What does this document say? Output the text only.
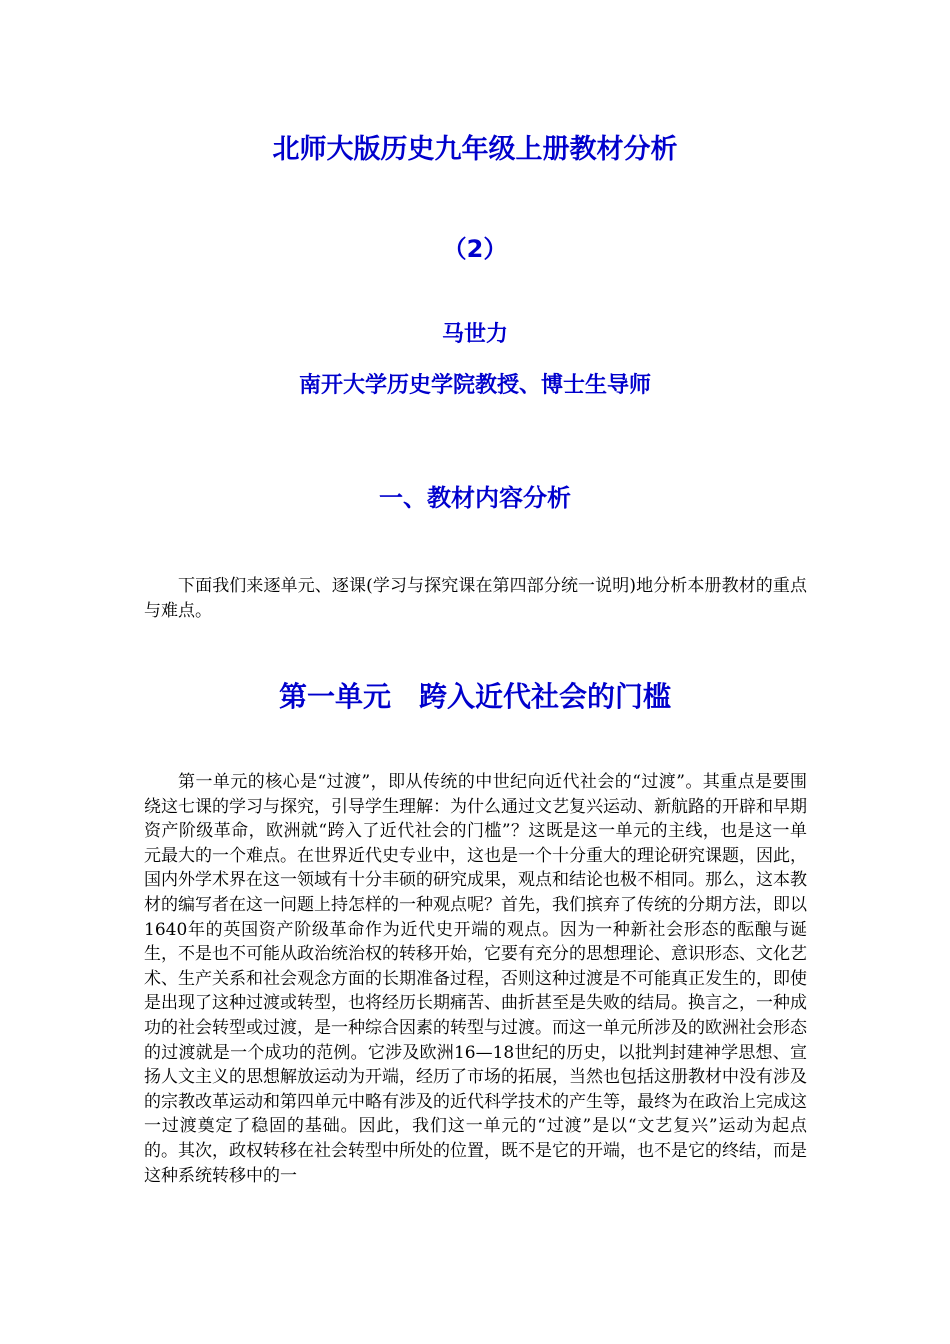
北师大版历史九年级上册教材分析
（2）
马世力
南开大学历史学院教授、博士生导师
一、教材内容分析

下面我们来逐单元、逐课(学习与探究课在第四部分统一说明)地分析本册教材的重点与难点。

第一单元　跨入近代社会的门槛

第一单元的核心是“过渡”，即从传统的中世纪向近代社会的“过渡”。其重点是要围绕这七课的学习与探究，引导学生理解：为什么通过文艺复兴运动、新航路的开辟和早期资产阶级革命，欧洲就“跨入了近代社会的门槛”？这既是这一单元的主线，也是这一单元最大的一个难点。在世界近代史专业中，这也是一个十分重大的理论研究课题，因此，国内外学术界在这一领域有十分丰硕的研究成果，观点和结论也极不相同。那么，这本教材的编写者在这一问题上持怎样的一种观点呢？首先，我们摈弃了传统的分期方法，即以1640年的英国资产阶级革命作为近代史开端的观点。因为一种新社会形态的酝酿与诞生，不是也不可能从政治统治权的转移开始，它要有充分的思想理论、意识形态、文化艺术、生产关系和社会观念方面的长期准备过程，否则这种过渡是不可能真正发生的，即使是出现了这种过渡或转型，也将经历长期痛苦、曲折甚至是失败的结局。换言之，一种成功的社会转型或过渡，是一种综合因素的转型与过渡。而这一单元所涉及的欧洲社会形态的过渡就是一个成功的范例。它涉及欧洲16—18世纪的历史，以批判封建神学思想、宣扬人文主义的思想解放运动为开端，经历了市场的拓展，当然也包括这册教材中没有涉及的宗教改革运动和第四单元中略有涉及的近代科学技术的产生等，最终为在政治上完成这一过渡奠定了稳固的基础。因此，我们这一单元的“过渡”是以“文艺复兴”运动为起点的。其次，政权转移在社会转型中所处的位置，既不是它的开端，也不是它的终结，而是这种系统转移中的一
